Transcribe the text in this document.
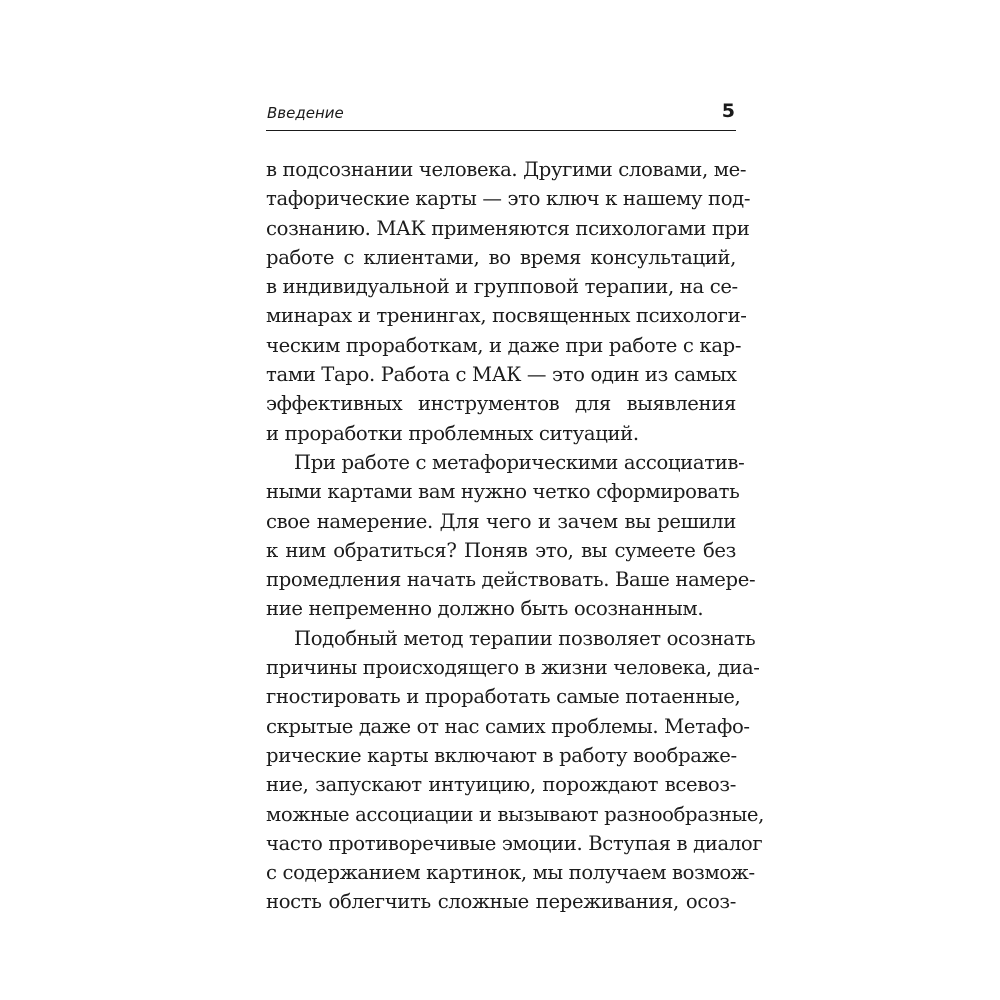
Введение	5
в подсознании человека. Другими словами, ме-
тафорические карты — это ключ к нашему под-
сознанию. МАК применяются психологами при
работе с клиентами, во время консультаций,
в индивидуальной и групповой терапии, на се-
минарах и тренингах, посвященных психологи-
ческим проработкам, и даже при работе с кар-
тами Таро. Работа с МАК — это один из самых
эффективных инструментов для выявления
и проработки проблемных ситуаций.
При работе с метафорическими ассоциатив-
ными картами вам нужно четко сформировать
свое намерение. Для чего и зачем вы решили
к ним обратиться? Поняв это, вы сумеете без
промедления начать действовать. Ваше намере-
ние непременно должно быть осознанным.
Подобный метод терапии позволяет осознать
причины происходящего в жизни человека, диа-
гностировать и проработать самые потаенные,
скрытые даже от нас самих проблемы. Метафо-
рические карты включают в работу воображе-
ние, запускают интуицию, порождают всевоз-
можные ассоциации и вызывают разнообразные,
часто противоречивые эмоции. Вступая в диалог
с содержанием картинок, мы получаем возмож-
ность облегчить сложные переживания, осоз-
